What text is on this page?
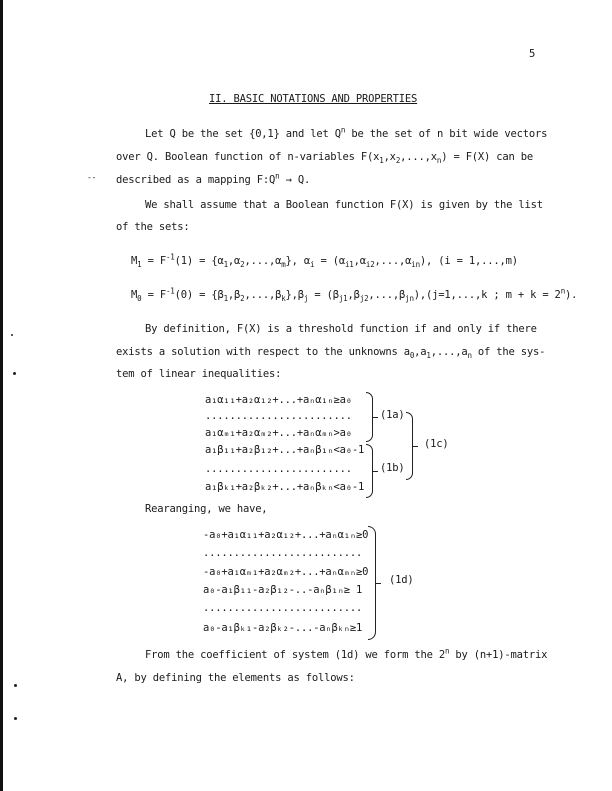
5
II. BASIC NOTATIONS AND PROPERTIES
Let Q be the set {0,1} and let $Q^n$ be the set of n bit wide vectors
over Q. Boolean function of n-variables $F(x_1,x_2,...,x_n) = F(X)$ can be
-- described as a mapping $F:Q^n \to Q$.
We shall assume that a Boolean function F(X) is given by the list
of the sets:
$M_1 = F^{-1}(1) = \{\alpha_1,\alpha_2,...,\alpha_m\}$, $\alpha_i = (\alpha_{i1},\alpha_{i2},...,\alpha_{in})$, (i = 1,...,m)
$M_0 = F^{-1}(0) = \{\beta_1,\beta_2,...,\beta_k\},\beta_j = (\beta_{j1},\beta_{j2},...,\beta_{jn}),(j=1,...,k$ ; $m + k = 2^n$).
By definition, F(X) is a threshold function if and only if there
exists a solution with respect to the unknowns $a_0,a_1,...,a_n$ of the sys-
tem of linear inequalities:
a₁α₁₁+a₂α₁₂+...+aₙα₁ₙ≥a₀
........................
a₁αₘ₁+a₂αₘ₂+...+aₙαₘₙ>a₀
a₁β₁₁+a₂β₁₂+...+aₙβ₁ₙ<a₀-1
........................
a₁βₖ₁+a₂βₖ₂+...+aₙβₖₙ<a₀-1
(1a)
(1b)
(1c)
Rearanging, we have,
-a₀+a₁α₁₁+a₂α₁₂+...+aₙα₁ₙ≥0
..........................
-a₀+a₁αₘ₁+a₂αₘ₂+...+aₙαₘₙ≥0
a₀-a₁β₁₁-a₂β₁₂-..-aₙβ₁ₙ≥ 1
..........................
a₀-a₁βₖ₁-a₂βₖ₂-...-aₙβₖₙ≥1
(1d)
From the coefficient of system (1d) we form the 2$^n$ by (n+1)-matrix
A, by defining the elements as follows:
